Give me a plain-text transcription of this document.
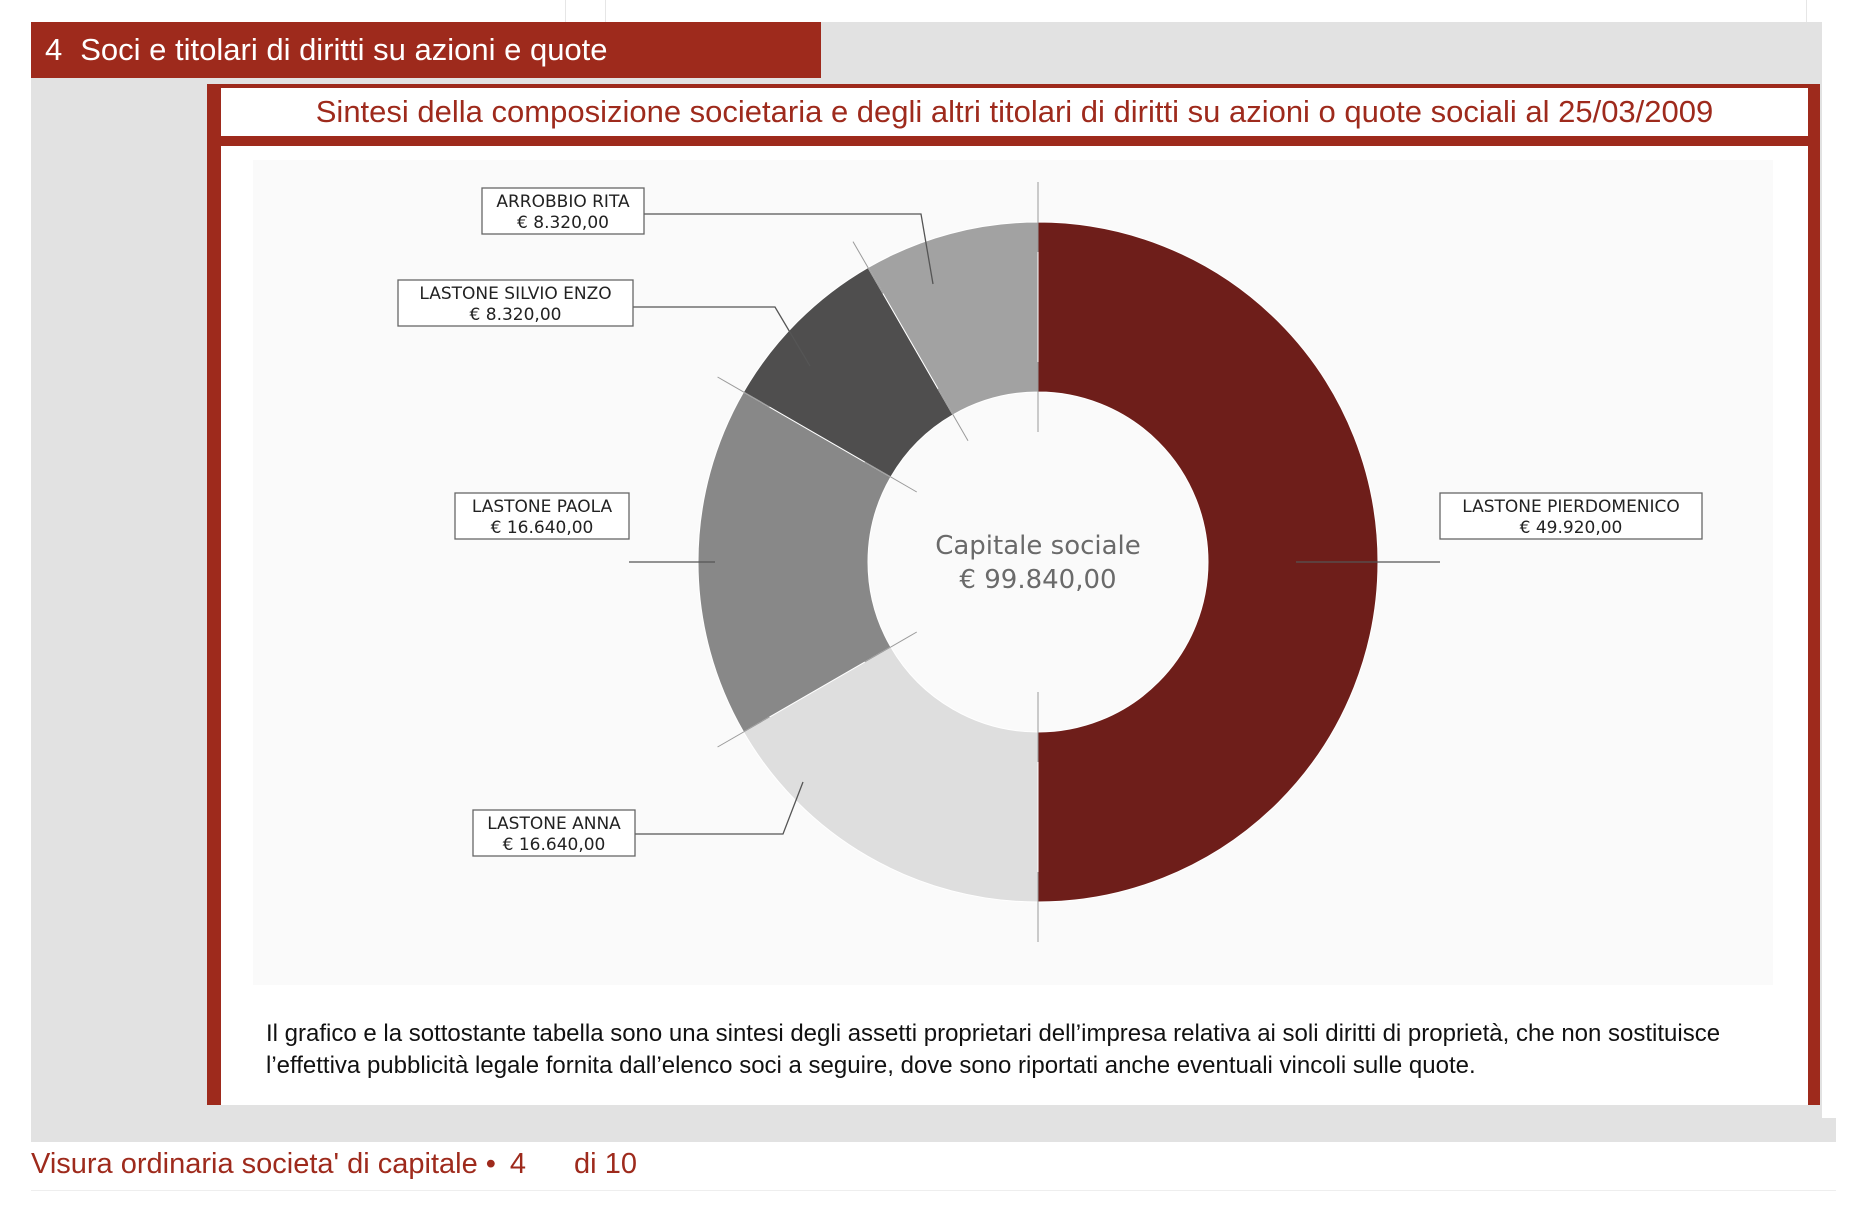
4 Soci e titolari di diritti su azioni e quote
Sintesi della composizione societaria e degli altri titolari di diritti su azioni o quote sociali al 25/03/2009
Capitale sociale
€ 99.840,00
LASTONE PIERDOMENICO
€ 49.920,00
LASTONE ANNA
€ 16.640,00
LASTONE PAOLA
€ 16.640,00
LASTONE SILVIO ENZO
€ 8.320,00
ARROBBIO RITA
€ 8.320,00
Il grafico e la sottostante tabella sono una sintesi degli assetti proprietari dell’impresa relativa ai soli diritti di proprietà, che non sostituisce l’effettiva pubblicità legale fornita dall’elenco soci a seguire, dove sono riportati anche eventuali vincoli sulle quote.
Visura ordinaria societa' di capitale • 4 di 10
